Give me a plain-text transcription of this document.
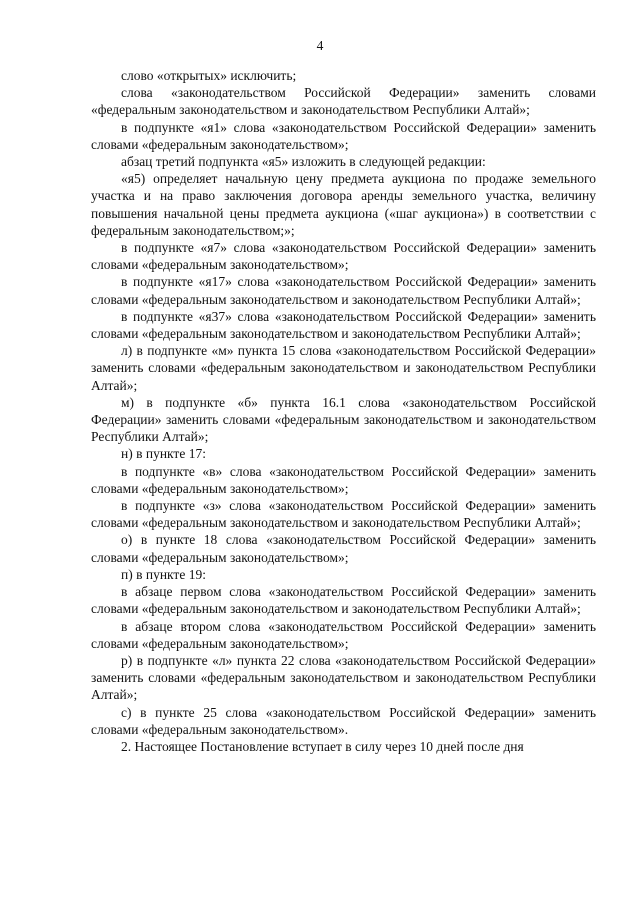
4

слово «открытых» исключить;

слова «законодательством Российской Федерации» заменить словами «федеральным законодательством и законодательством Республики Алтай»;

в подпункте «я1» слова «законодательством Российской Федерации» заменить словами «федеральным законодательством»;

абзац третий подпункта «я5» изложить в следующей редакции:

«я5) определяет начальную цену предмета аукциона по продаже земельного участка и на право заключения договора аренды земельного участка, величину повышения начальной цены предмета аукциона («шаг аукциона») в соответствии с федеральным законодательством;»;

в подпункте «я7» слова «законодательством Российской Федерации» заменить словами «федеральным законодательством»;

в подпункте «я17» слова «законодательством Российской Федерации» заменить словами «федеральным законодательством и законодательством Республики Алтай»;

в подпункте «я37» слова «законодательством Российской Федерации» заменить словами «федеральным законодательством и законодательством Республики Алтай»;

л) в подпункте «м» пункта 15 слова «законодательством Российской Федерации» заменить словами «федеральным законодательством и законодательством Республики Алтай»;

м) в подпункте «б» пункта 16.1 слова «законодательством Российской Федерации» заменить словами «федеральным законодательством и законодательством Республики Алтай»;

н) в пункте 17:

в подпункте «в» слова «законодательством Российской Федерации» заменить словами «федеральным законодательством»;

в подпункте «з» слова «законодательством Российской Федерации» заменить словами «федеральным законодательством и законодательством Республики Алтай»;

о) в пункте 18 слова «законодательством Российской Федерации» заменить словами «федеральным законодательством»;

п) в пункте 19:

в абзаце первом слова «законодательством Российской Федерации» заменить словами «федеральным законодательством и законодательством Республики Алтай»;

в абзаце втором слова «законодательством Российской Федерации» заменить словами «федеральным законодательством»;

р) в подпункте «л» пункта 22 слова «законодательством Российской Федерации» заменить словами «федеральным законодательством и законодательством Республики Алтай»;

с) в пункте 25 слова «законодательством Российской Федерации» заменить словами «федеральным законодательством».

2. Настоящее Постановление вступает в силу через 10 дней после дня
